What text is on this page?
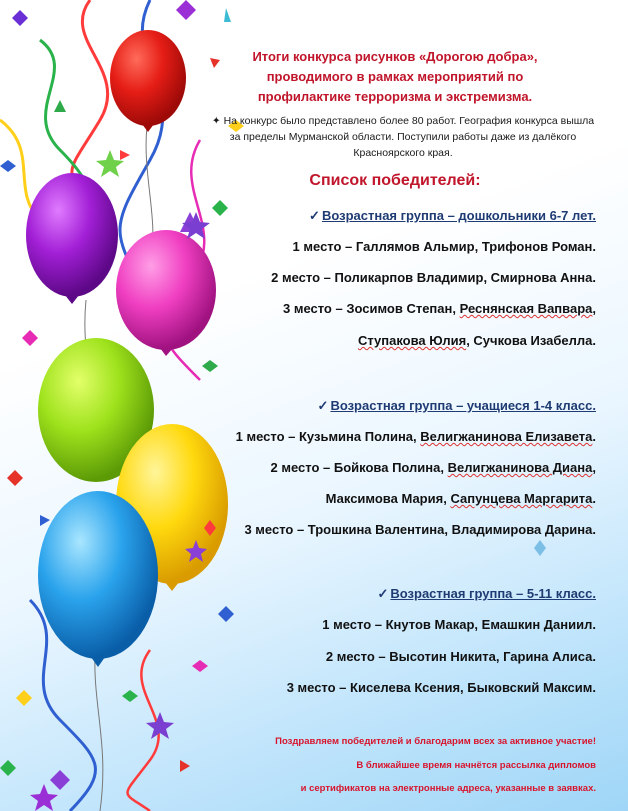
Итоги конкурса рисунков «Дорогою добра»,
проводимого в рамках мероприятий по
профилактике терроризма и экстремизма.
✦ На конкурс было представлено более 80 работ. География конкурса вышла
за пределы Мурманской области. Поступили работы даже из далёкого
Красноярского края.
Список победителей:
✓ Возрастная группа – дошкольники 6-7 лет.
1 место – Галлямов Альмир, Трифонов Роман.
2 место – Поликарпов Владимир, Смирнова Анна.
3 место – Зосимов Степан, Реснянская Вапвара,
Ступакова Юлия, Сучкова Изабелла.
✓ Возрастная группа – учащиеся 1-4 класс.
1 место – Кузьмина Полина, Велигжанинова Елизавета.
2 место – Бойкова Полина, Велигжанинова Диана,
Максимова Мария, Сапунцева Маргарита.
3 место – Трошкина Валентина, Владимирова Дарина.
✓ Возрастная группа – 5-11 класс.
1 место – Кнутов Макар, Емашкин Даниил.
2 место – Высотин Никита, Гарина Алиса.
3 место – Киселева Ксения, Быковский Максим.
Поздравляем победителей и благодарим всех за активное участие!
В ближайшее время начнётся рассылка дипломов
и сертификатов на электронные адреса, указанные в заявках.
